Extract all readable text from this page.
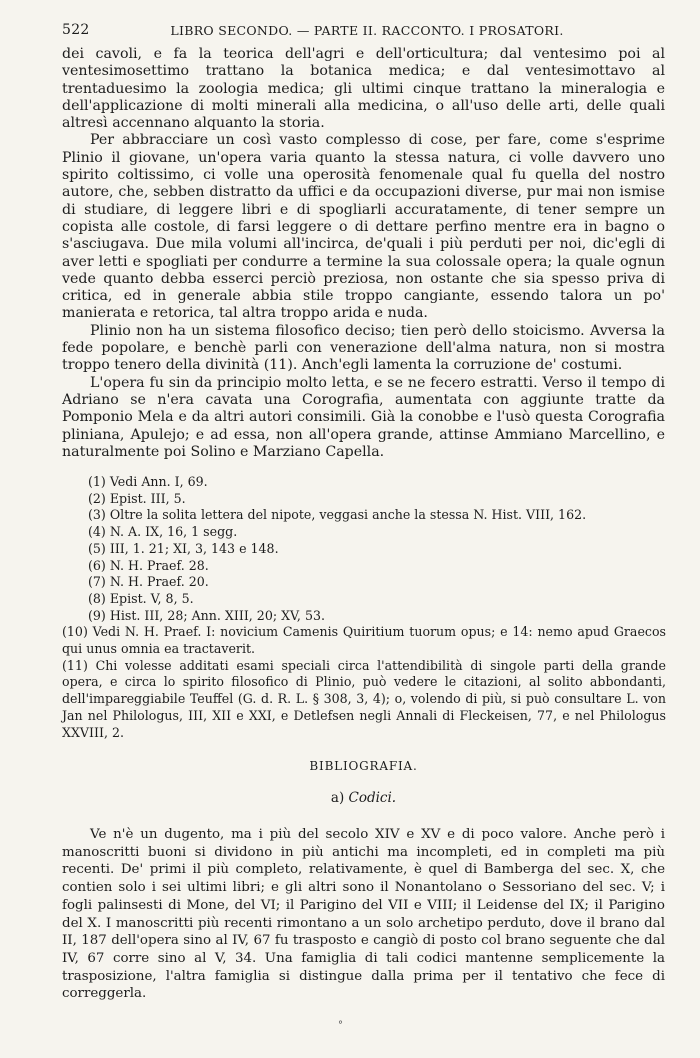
522	LIBRO SECONDO. — PARTE II. RACCONTO. I PROSATORI.

dei cavoli, e fa la teorica dell'agri e dell'orticultura; dal ventesimo poi al ventesimosettimo trattano la botanica medica; e dal ventesimottavo al trentaduesimo la zoologia medica; gli ultimi cinque trattano la mineralogia e dell'applicazione di molti minerali alla medicina, o all'uso delle arti, delle quali altresì accennano alquanto la storia.

Per abbracciare un così vasto complesso di cose, per fare, come s'esprime Plinio il giovane, un'opera varia quanto la stessa natura, ci volle davvero uno spirito coltissimo, ci volle una operosità fenomenale qual fu quella del nostro autore, che, sebben distratto da uffici e da occupazioni diverse, pur mai non ismise di studiare, di leggere libri e di spogliarli accuratamente, di tener sempre un copista alle costole, di farsi leggere o di dettare perfino mentre era in bagno o s'asciugava. Due mila volumi all'incirca, de'quali i più perduti per noi, dic'egli di aver letti e spogliati per condurre a termine la sua colossale opera; la quale ognun vede quanto debba esserci perciò preziosa, non ostante che sia spesso priva di critica, ed in generale abbia stile troppo cangiante, essendo talora un po' manierata e retorica, tal altra troppo arida e nuda.

Plinio non ha un sistema filosofico deciso; tien però dello stoicismo. Avversa la fede popolare, e benchè parli con venerazione dell'alma natura, non si mostra troppo tenero della divinità (11). Anch'egli lamenta la corruzione de' costumi.

L'opera fu sin da principio molto letta, e se ne fecero estratti. Verso il tempo di Adriano se n'era cavata una Corografia, aumentata con aggiunte tratte da Pomponio Mela e da altri autori consimili. Già la conobbe e l'usò questa Corografia pliniana, Apulejo; e ad essa, non all'opera grande, attinse Ammiano Marcellino, e naturalmente poi Solino e Marziano Capella.

(1) Vedi Ann. I, 69.
(2) Epist. III, 5.
(3) Oltre la solita lettera del nipote, veggasi anche la stessa N. Hist. VIII, 162.
(4) N. A. IX, 16, 1 segg.
(5) III, 1. 21; XI, 3, 143 e 148.
(6) N. H. Praef. 28.
(7) N. H. Praef. 20.
(8) Epist. V, 8, 5.
(9) Hist. III, 28; Ann. XIII, 20; XV, 53.
(10) Vedi N. H. Praef. I: novicium Camenis Quiritium tuorum opus; e 14: nemo apud Graecos qui unus omnia ea tractaverit.
(11) Chi volesse additati esami speciali circa l'attendibilità di singole parti della grande opera, e circa lo spirito filosofico di Plinio, può vedere le citazioni, al solito abbondanti, dell'impareggiabile Teuffel (G. d. R. L. § 308, 3, 4); o, volendo di più, si può consultare L. von Jan nel Philologus, III, XII e XXI, e Detlefsen negli Annali di Fleckeisen, 77, e nel Philologus XXVIII, 2.
BIBLIOGRAFIA.
a) Codici.

Ve n'è un dugento, ma i più del secolo XIV e XV e di poco valore. Anche però i manoscritti buoni si dividono in più antichi ma incompleti, ed in completi ma più recenti. De' primi il più completo, relativamente, è quel di Bamberga del sec. X, che contien solo i sei ultimi libri; e gli altri sono il Nonantolano o Sessoriano del sec. V; i fogli palinsesti di Mone, del VI; il Parigino del VII e VIII; il Leidense del IX; il Parigino del X. I manoscritti più recenti rimontano a un solo archetipo perduto, dove il brano dal II, 187 dell'opera sino al IV, 67 fu trasposto e cangiò di posto col brano seguente che dal IV, 67 corre sino al V, 34. Una famiglia di tali codici mantenne semplicemente la trasposizione, l'altra famiglia si distingue dalla prima per il tentativo che fece di correggerla.

°
